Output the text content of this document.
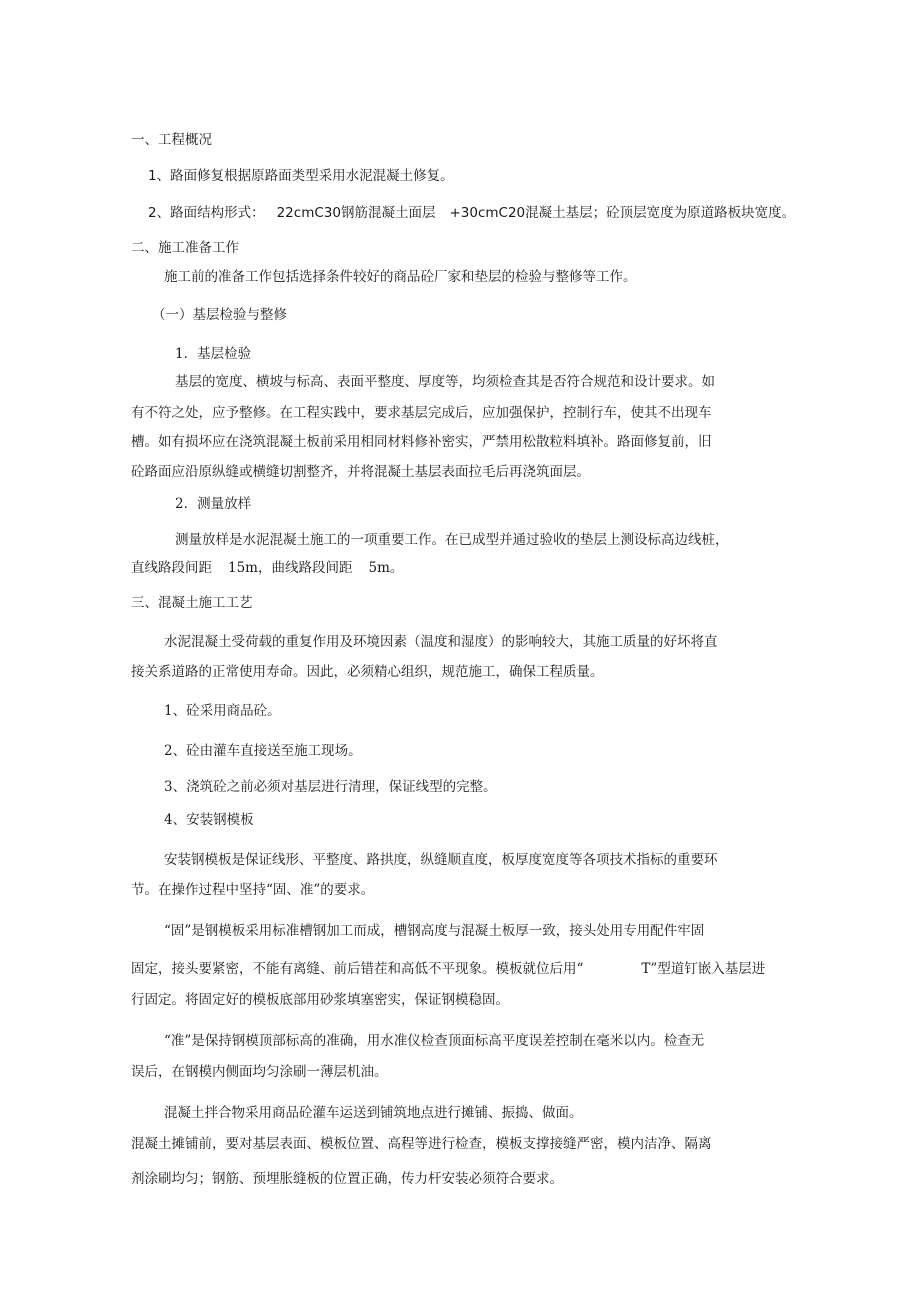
一、工程概况

1、路面修复根据原路面类型采用水泥混凝土修复。

2、路面结构形式： 22cmC30钢筋混凝土面层 +30cmC20混凝土基层；砼顶层宽度为原道路板块宽度。

二、施工准备工作

施工前的准备工作包括选择条件较好的商品砼厂家和垫层的检验与整修等工作。

（一）基层检验与整修

1．基层检验

基层的宽度、横坡与标高、表面平整度、厚度等，均须检查其是否符合规范和设计要求。如

有不符之处，应予整修。在工程实践中，要求基层完成后，应加强保护，控制行车，使其不出现车

槽。如有损坏应在浇筑混凝土板前采用相同材料修补密实，严禁用松散粒料填补。路面修复前，旧

砼路面应沿原纵缝或横缝切割整齐，并将混凝土基层表面拉毛后再浇筑面层。

2．测量放样

测量放样是水泥混凝土施工的一项重要工作。在已成型并通过验收的垫层上测设标高边线桩，

直线路段间距 15m，曲线路段间距 5m。

三、混凝土施工工艺

水泥混凝土受荷载的重复作用及环境因素（温度和湿度）的影响较大，其施工质量的好坏将直

接关系道路的正常使用寿命。因此，必须精心组织，规范施工，确保工程质量。

1、砼采用商品砼。

2、砼由灌车直接送至施工现场。

3、浇筑砼之前必须对基层进行清理，保证线型的完整。

4、安装钢模板

安装钢模板是保证线形、平整度、路拱度，纵缝顺直度，板厚度宽度等各项技术指标的重要环

节。在操作过程中坚持“固、准”的要求。

“固”是钢模板采用标准槽钢加工而成，槽钢高度与混凝土板厚一致，接头处用专用配件牢固

固定，接头要紧密，不能有离缝、前后错茬和高低不平现象。模板就位后用“	T”型道钉嵌入基层进

行固定。将固定好的模板底部用砂浆填塞密实，保证钢模稳固。

“准”是保持钢模顶部标高的准确，用水准仪检查顶面标高平度误差控制在毫米以内。检查无

误后，在钢模内侧面均匀涂刷一薄层机油。

混凝土拌合物采用商品砼灌车运送到铺筑地点进行摊铺、振捣、做面。

混凝土摊铺前，要对基层表面、模板位置、高程等进行检查，模板支撑接缝严密，模内洁净、隔离

剂涂刷均匀；钢筋、预埋胀缝板的位置正确，传力杆安装必须符合要求。
